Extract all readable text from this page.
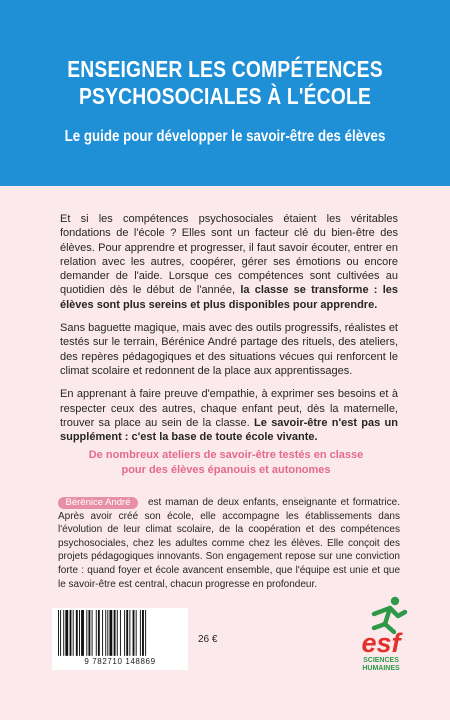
ENSEIGNER LES COMPÉTENCES
PSYCHOSOCIALES À L'ÉCOLE
Le guide pour développer le savoir-être des élèves

Et si les compétences psychosociales étaient les véritables fondations de l'école ? Elles sont un facteur clé du bien-être des élèves. Pour apprendre et progresser, il faut savoir écouter, entrer en relation avec les autres, coopérer, gérer ses émotions ou encore demander de l'aide. Lorsque ces compétences sont cultivées au quotidien dès le début de l'année, la classe se transforme : les élèves sont plus sereins et plus disponibles pour apprendre.

Sans baguette magique, mais avec des outils progressifs, réalistes et testés sur le terrain, Bérénice André partage des rituels, des ateliers, des repères pédagogiques et des situations vécues qui renforcent le climat scolaire et redonnent de la place aux apprentissages.

En apprenant à faire preuve d'empathie, à exprimer ses besoins et à respecter ceux des autres, chaque enfant peut, dès la maternelle, trouver sa place au sein de la classe. Le savoir-être n'est pas un supplément : c'est la base de toute école vivante.

De nombreux ateliers de savoir-être testés en classe
pour des élèves épanouis et autonomes
Bérénice André est maman de deux enfants, enseignante et formatrice. Après avoir créé son école, elle accompagne les établissements dans l'évolution de leur climat scolaire, de la coopération et des compétences psychosociales, chez les adultes comme chez les élèves. Elle conçoit des projets pédagogiques innovants. Son engagement repose sur une conviction forte : quand foyer et école avancent ensemble, que l'équipe est unie et que le savoir-être est central, chacun progresse en profondeur.
9 782710 148869
26 €	esf
SCIENCES
HUMAINES
